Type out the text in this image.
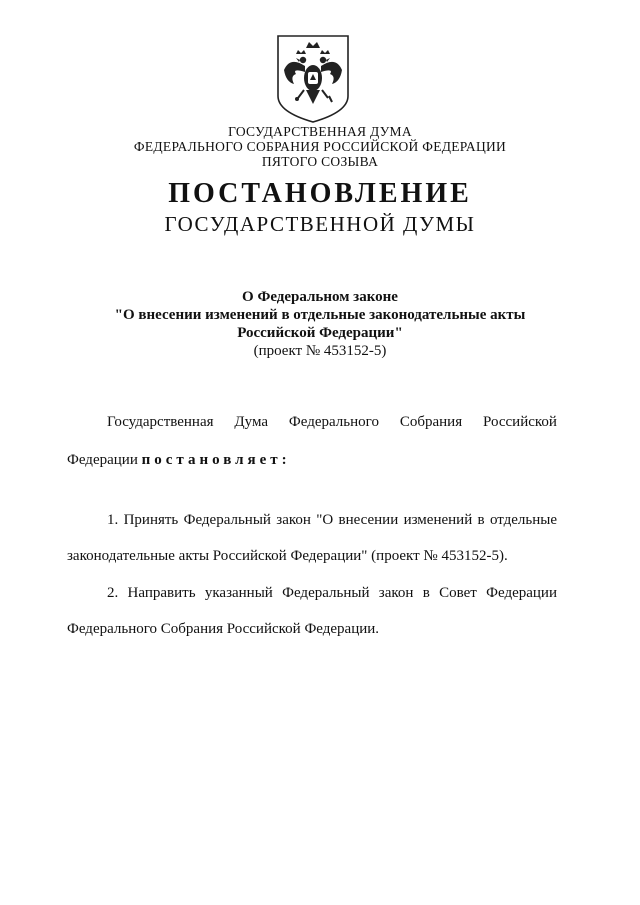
ГОСУДАРСТВЕННАЯ ДУМА
ФЕДЕРАЛЬНОГО СОБРАНИЯ РОССИЙСКОЙ ФЕДЕРАЦИИ
ПЯТОГО СОЗЫВА
ПОСТАНОВЛЕНИЕ
ГОСУДАРСТВЕННОЙ ДУМЫ
О Федеральном законе
"О внесении изменений в отдельные законодательные акты
Российской Федерации"
(проект № 453152-5)
Государственная Дума Федерального Собрания Российской
Федерации постановляет:
1. Принять Федеральный закон "О внесении изменений в отдельные
законодательные акты Российской Федерации" (проект № 453152-5).
2. Направить указанный Федеральный закон в Совет Федерации
Федерального Собрания Российской Федерации.
